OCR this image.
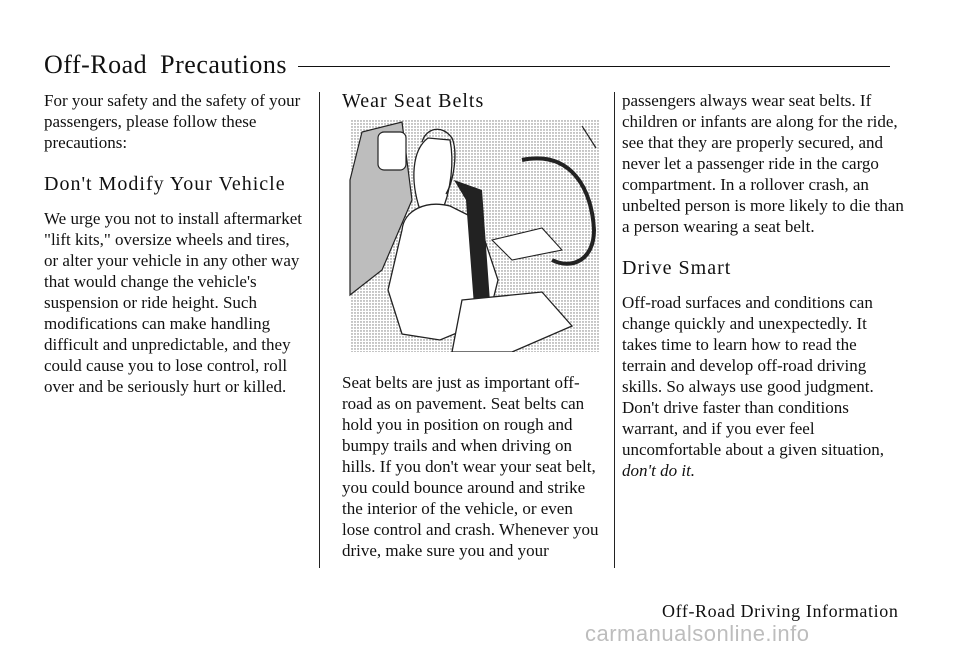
Off-Road Precautions

For your safety and the safety of your passengers, please follow these precautions:

Don't Modify Your Vehicle

We urge you not to install aftermarket "lift kits," oversize wheels and tires, or alter your vehicle in any other way that would change the vehicle's suspension or ride height. Such modifications can make handling difficult and unpredictable, and they could cause you to lose control, roll over and be seriously hurt or killed.

Wear Seat Belts

Seat belts are just as important off-road as on pavement. Seat belts can hold you in position on rough and bumpy trails and when driving on hills. If you don't wear your seat belt, you could bounce around and strike the interior of the vehicle, or even lose control and crash. Whenever you drive, make sure you and your

passengers always wear seat belts. If children or infants are along for the ride, see that they are properly secured, and never let a passenger ride in the cargo compartment. In a rollover crash, an unbelted person is more likely to die than a person wearing a seat belt.

Drive Smart

Off-road surfaces and conditions can change quickly and unexpectedly. It takes time to learn how to read the terrain and develop off-road driving skills. So always use good judgment. Don't drive faster than conditions warrant, and if you ever feel uncomfortable about a given situation, don't do it.

Off-Road Driving Information
carmanualsonline.info
